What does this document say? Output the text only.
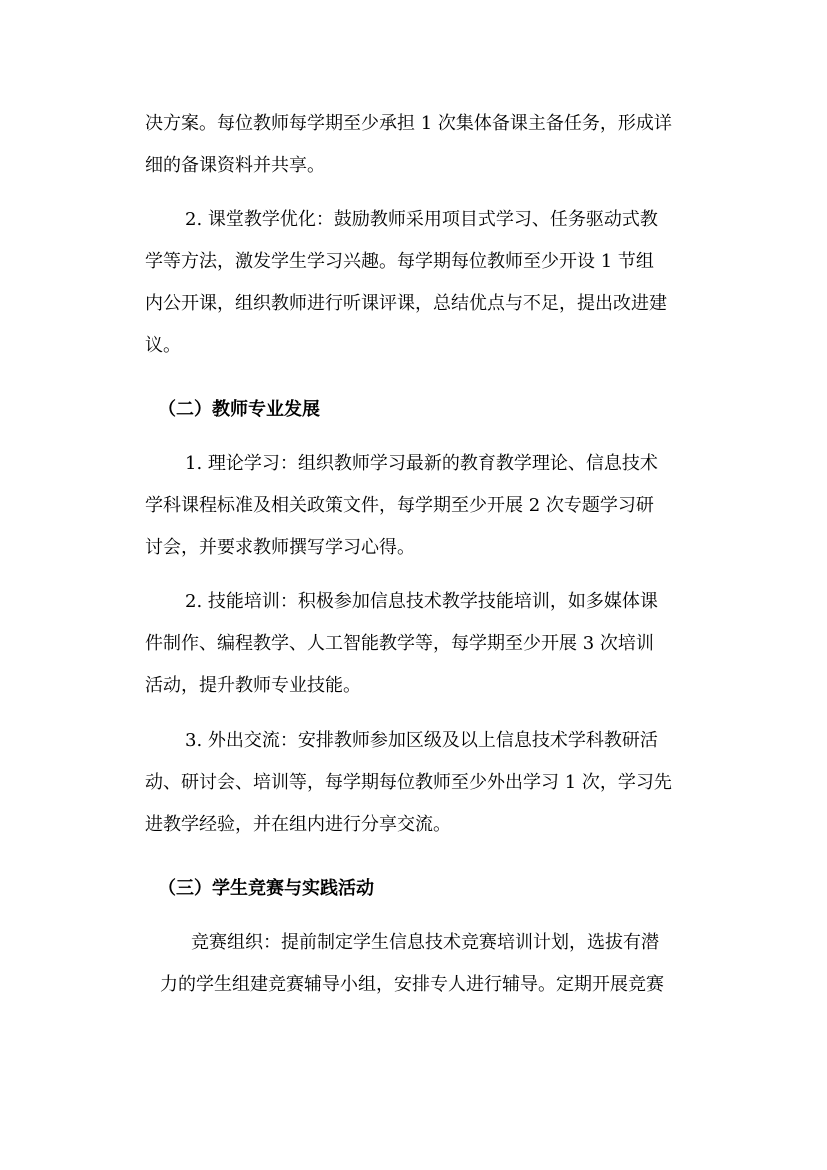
决方案。每位教师每学期至少承担 1 次集体备课主备任务，形成详
细的备课资料并共享。
2. 课堂教学优化：鼓励教师采用项目式学习、任务驱动式教
学等方法，激发学生学习兴趣。每学期每位教师至少开设 1 节组
内公开课，组织教师进行听课评课，总结优点与不足，提出改进建
议。
（二）教师专业发展
1. 理论学习：组织教师学习最新的教育教学理论、信息技术
学科课程标准及相关政策文件，每学期至少开展 2 次专题学习研
讨会，并要求教师撰写学习心得。
2. 技能培训：积极参加信息技术教学技能培训，如多媒体课
件制作、编程教学、人工智能教学等，每学期至少开展 3 次培训
活动，提升教师专业技能。
3. 外出交流：安排教师参加区级及以上信息技术学科教研活
动、研讨会、培训等，每学期每位教师至少外出学习 1 次，学习先
进教学经验，并在组内进行分享交流。
（三）学生竞赛与实践活动
竞赛组织：提前制定学生信息技术竞赛培训计划，选拔有潜
力的学生组建竞赛辅导小组，安排专人进行辅导。定期开展竞赛
